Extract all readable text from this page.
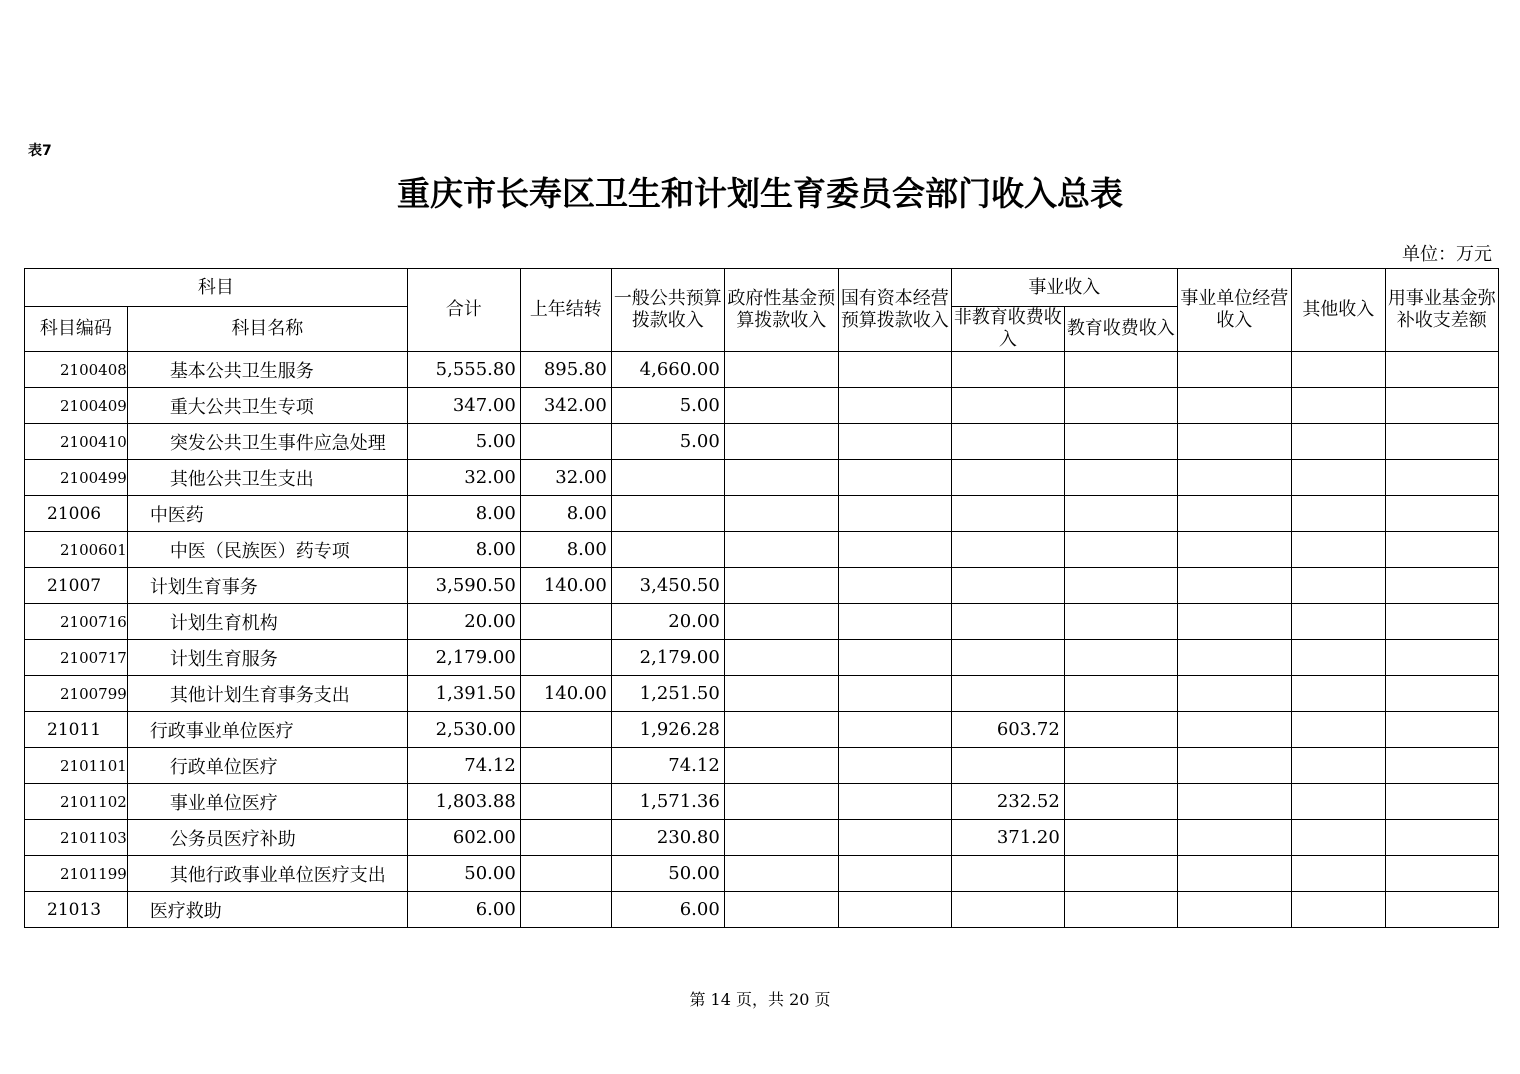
表7
重庆市长寿区卫生和计划生育委员会部门收入总表
单位：万元
科目		合计	上年结转	一般公共预算拨款收入	政府性基金预算拨款收入	国有资本经营预算拨款收入	事业收入		事业单位经营收入	其他收入	用事业基金弥补收支差额
科目编码	科目名称						非教育收费收入	教育收费收入			
2100408	基本公共卫生服务	5,555.80	895.80	4,660.00							
2100409	重大公共卫生专项	347.00	342.00	5.00							
2100410	突发公共卫生事件应急处理	5.00		5.00							
2100499	其他公共卫生支出	32.00	32.00								
21006	中医药	8.00	8.00								
2100601	中医（民族医）药专项	8.00	8.00								
21007	计划生育事务	3,590.50	140.00	3,450.50							
2100716	计划生育机构	20.00		20.00							
2100717	计划生育服务	2,179.00		2,179.00							
2100799	其他计划生育事务支出	1,391.50	140.00	1,251.50							
21011	行政事业单位医疗	2,530.00		1,926.28			603.72				
2101101	行政单位医疗	74.12		74.12							
2101102	事业单位医疗	1,803.88		1,571.36			232.52				
2101103	公务员医疗补助	602.00		230.80			371.20				
2101199	其他行政事业单位医疗支出	50.00		50.00							
21013	医疗救助	6.00		6.00							
第 14 页，共 20 页
